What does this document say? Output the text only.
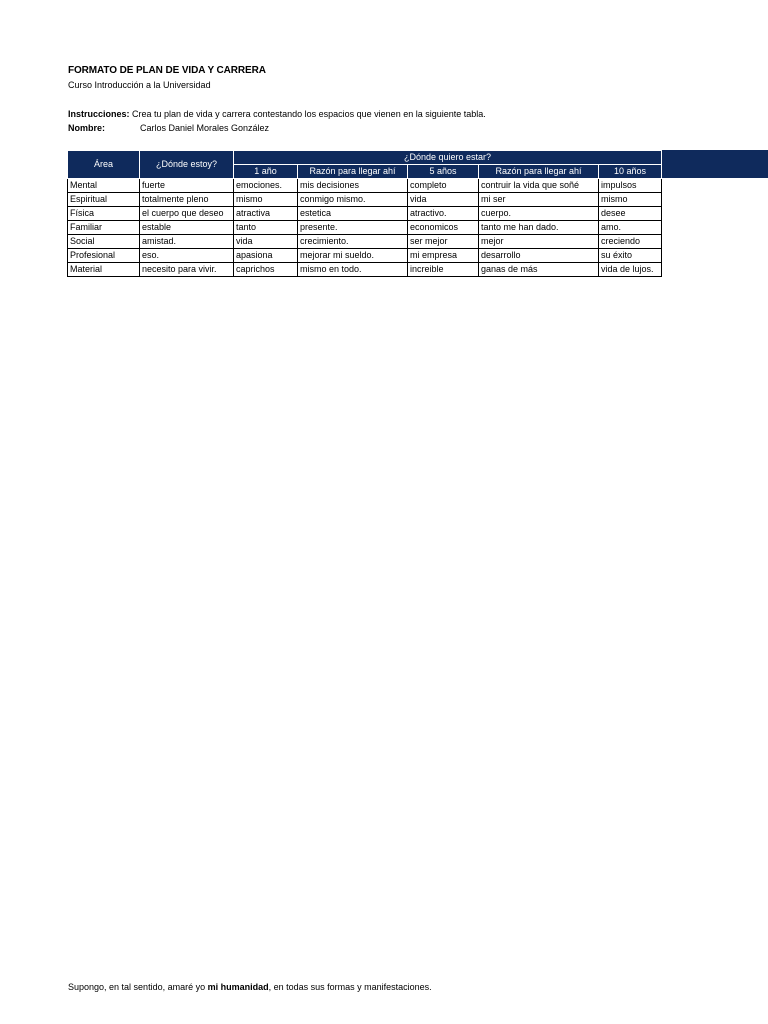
FORMATO DE PLAN DE VIDA Y CARRERA
Curso Introducción a la Universidad
Instrucciones: Crea tu plan de vida y carrera contestando los espacios que vienen en la siguiente tabla.
Nombre:	Carlos Daniel Morales González
Área	¿Dónde estoy?	¿Dónde quiero estar?				
		1 año	Razón para llegar ahí	5 años	Razón para llegar ahí	10 años
Mental	fuerte	emociones.	mis decisiones	completo	contruir la vida que soñé	impulsos
Espiritual	totalmente pleno	mismo	conmigo mismo.	vida	mi ser	mismo
Física	el cuerpo que deseo	atractiva	estetica	atractivo.	cuerpo.	desee
Familiar	estable	tanto	presente.	economicos	tanto me han dado.	amo.
Social	amistad.	vida	crecimiento.	ser mejor	mejor	creciendo
Profesional	eso.	apasiona	mejorar mi sueldo.	mi empresa	desarrollo	su éxito
Material	necesito para vivir.	caprichos	mismo en todo.	increible	ganas de más	vida de lujos.
Supongo, en tal sentido, amaré yo mi humanidad, en todas sus formas y manifestaciones.
